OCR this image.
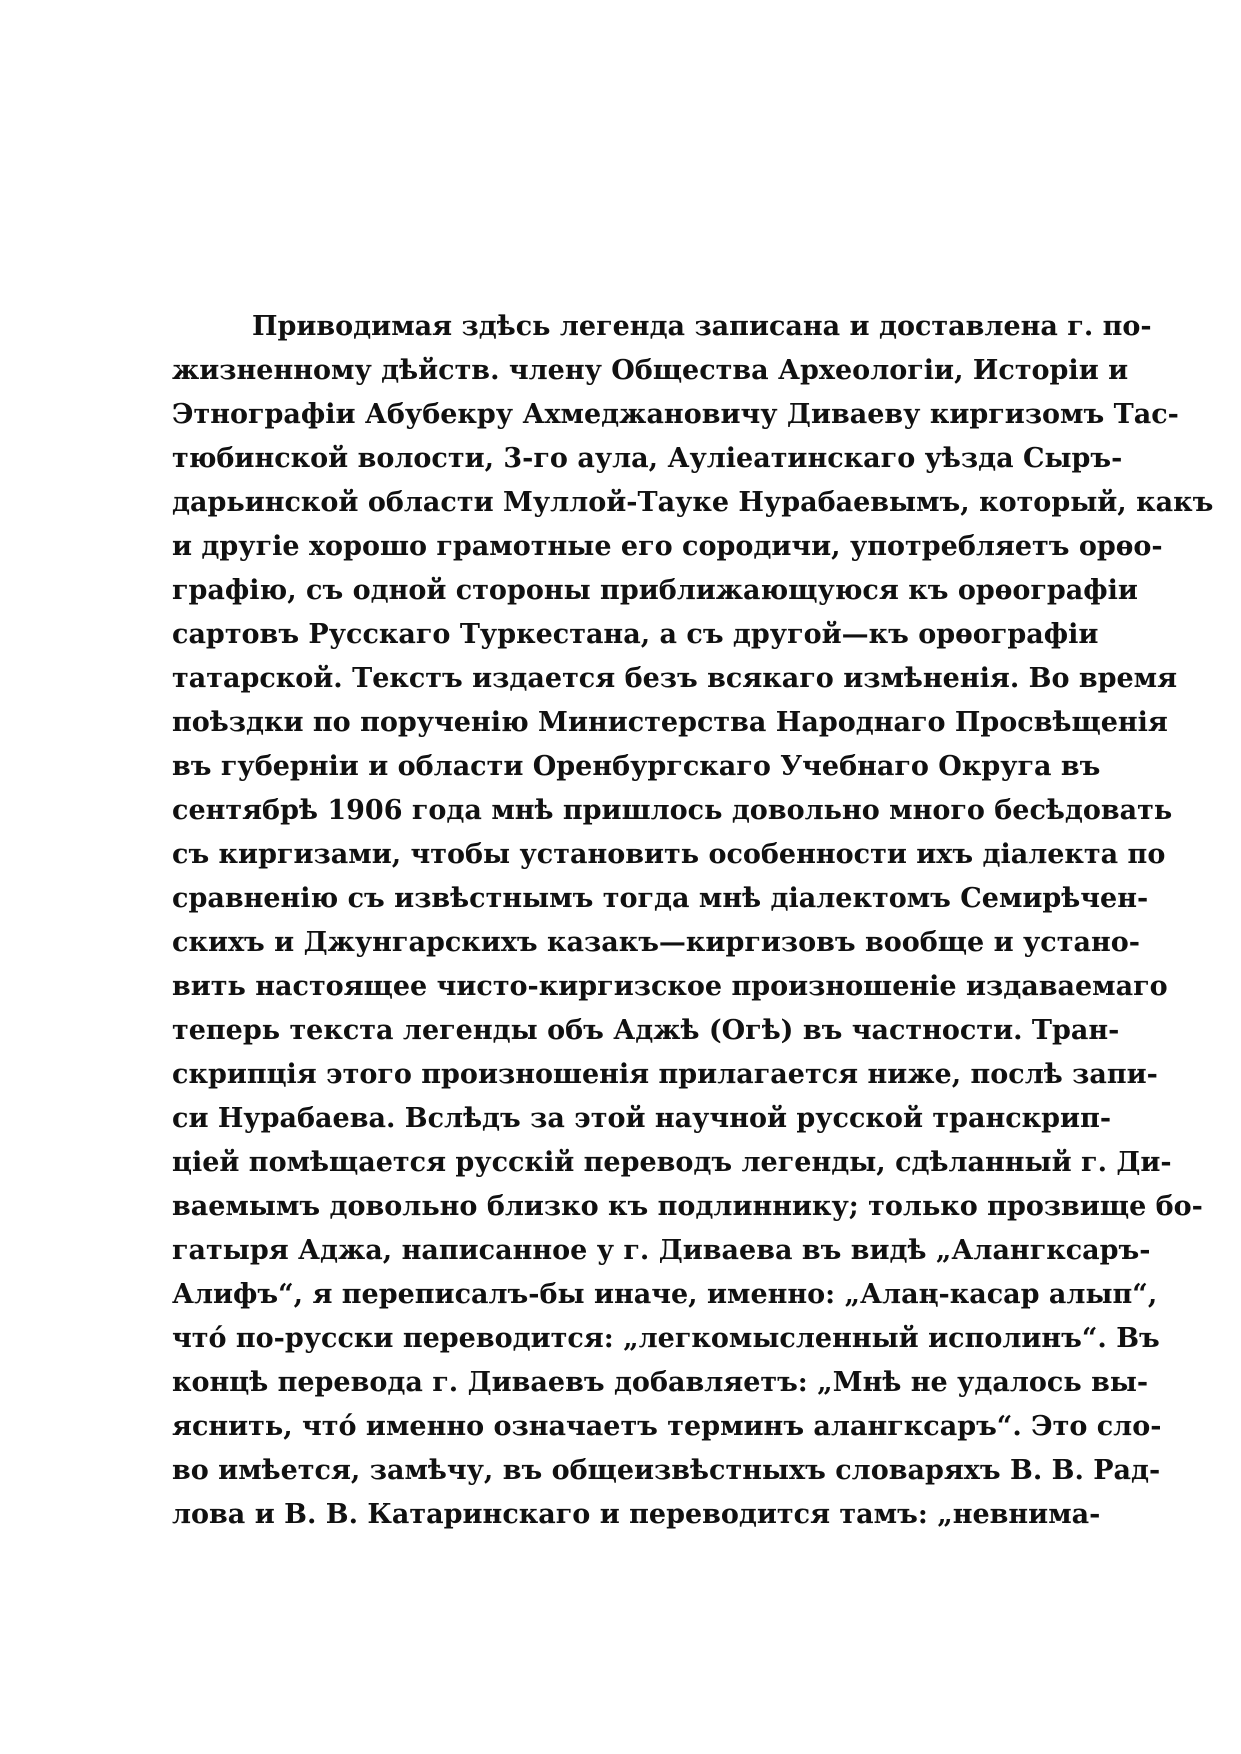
Приводимая здѣсь легенда записана и доставлена г. по-
жизненному дѣйств. члену Общества Археологіи, Исторіи и
Этнографіи Абубекру Ахмеджановичу Диваеву киргизомъ Тас-
тюбинской волости, 3-го аула, Ауліеатинскаго уѣзда Сыръ-
дарьинской области Муллой-Тауке Нурабаевымъ, который, какъ
и другіе хорошо грамотные его сородичи, употребляетъ орѳо-
графію, съ одной стороны приближающуюся къ орѳографіи
сартовъ Русскаго Туркестана, а съ другой—къ орѳографіи
татарской. Текстъ издается безъ всякаго измѣненія. Во время
поѣздки по порученію Министерства Народнаго Просвѣщенія
въ губерніи и области Оренбургскаго Учебнаго Округа въ
сентябрѣ 1906 года мнѣ пришлось довольно много бесѣдовать
съ киргизами, чтобы установить особенности ихъ діалекта по
сравненію съ извѣстнымъ тогда мнѣ діалектомъ Семирѣчен-
скихъ и Джунгарскихъ казакъ—киргизовъ вообще и устано-
вить настоящее чисто-киргизское произношеніе издаваемаго
теперь текста легенды объ Аджѣ (Огѣ) въ частности. Тран-
скрипція этого произношенія прилагается ниже, послѣ запи-
си Нурабаева. Вслѣдъ за этой научной русской транскрип-
ціей помѣщается русскій переводъ легенды, сдѣланный г. Ди-
ваемымъ довольно близко къ подлиннику; только прозвище бо-
гатыря Аджа, написанное у г. Диваева въ видѣ „Алангксаръ-
Алифъ“, я переписалъ-бы иначе, именно: „Алаң-касар алып“,
чтó по-русски переводится: „легкомысленный исполинъ“. Въ
концѣ перевода г. Диваевъ добавляетъ: „Мнѣ не удалось вы-
яснить, чтó именно означаетъ терминъ алангксаръ“. Это сло-
во имѣется, замѣчу, въ общеизвѣстныхъ словаряхъ В. В. Рад-
лова и В. В. Катаринскаго и переводится тамъ: „невнима-
